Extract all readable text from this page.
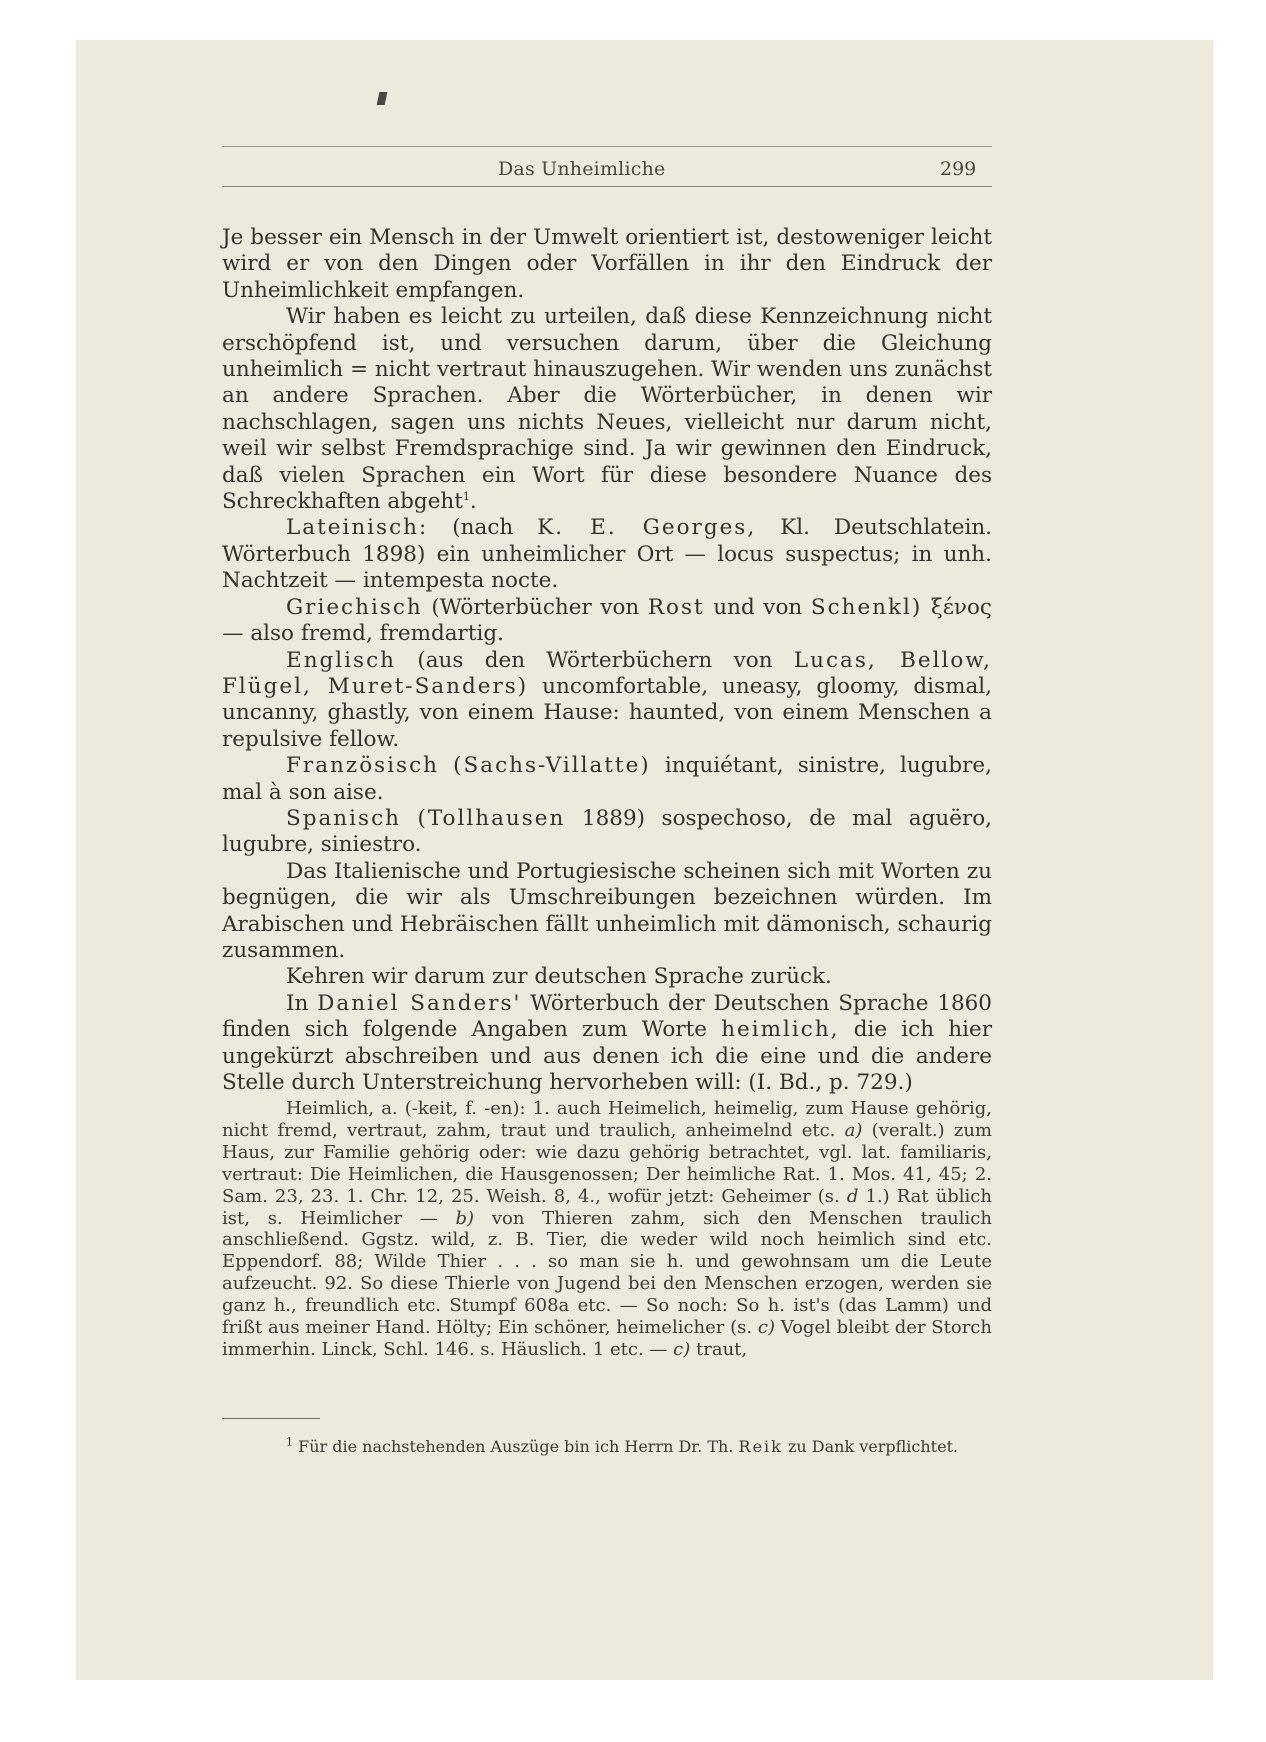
Das Unheimliche	299

Je besser ein Mensch in der Umwelt orientiert ist, destoweniger leicht wird er von den Dingen oder Vorfällen in ihr den Eindruck der Unheimlichkeit empfangen.

Wir haben es leicht zu urteilen, daß diese Kennzeichnung nicht erschöpfend ist, und versuchen darum, über die Gleichung unheimlich = nicht vertraut hinauszugehen. Wir wenden uns zunächst an andere Sprachen. Aber die Wörterbücher, in denen wir nachschlagen, sagen uns nichts Neues, vielleicht nur darum nicht, weil wir selbst Fremdsprachige sind. Ja wir gewinnen den Eindruck, daß vielen Sprachen ein Wort für diese besondere Nuance des Schreckhaften abgeht$^1$.

Lateinisch: (nach K. E. Georges, Kl. Deutschlatein. Wörterbuch 1898) ein unheimlicher Ort — locus suspectus; in unh. Nachtzeit — intempesta nocte.

Griechisch (Wörterbücher von Rost und von Schenkl) ξένος — also fremd, fremdartig.

Englisch (aus den Wörterbüchern von Lucas, Bellow, Flügel, Muret-Sanders) uncomfortable, uneasy, gloomy, dismal, uncanny, ghastly, von einem Hause: haunted, von einem Menschen a repulsive fellow.

Französisch (Sachs-Villatte) inquiétant, sinistre, lugubre, mal à son aise.

Spanisch (Tollhausen 1889) sospechoso, de mal aguëro, lugubre, siniestro.

Das Italienische und Portugiesische scheinen sich mit Worten zu begnügen, die wir als Umschreibungen bezeichnen würden. Im Arabischen und Hebräischen fällt unheimlich mit dämonisch, schaurig zusammen.

Kehren wir darum zur deutschen Sprache zurück.

In Daniel Sanders' Wörterbuch der Deutschen Sprache 1860 finden sich folgende Angaben zum Worte heimlich, die ich hier ungekürzt abschreiben und aus denen ich die eine und die andere Stelle durch Unterstreichung hervorheben will: (I. Bd., p. 729.)

Heimlich, a. (-keit, f. -en): 1. auch Heimelich, heimelig, zum Hause gehörig, nicht fremd, vertraut, zahm, traut und traulich, anheimelnd etc. a) (veralt.) zum Haus, zur Familie gehörig oder: wie dazu gehörig betrachtet, vgl. lat. familiaris, vertraut: Die Heimlichen, die Hausgenossen; Der heimliche Rat. 1. Mos. 41, 45; 2. Sam. 23, 23. 1. Chr. 12, 25. Weish. 8, 4., wofür jetzt: Geheimer (s. d 1.) Rat üblich ist, s. Heimlicher — b) von Thieren zahm, sich den Menschen traulich anschließend. Ggstz. wild, z. B. Tier, die weder wild noch heimlich sind etc. Eppendorf. 88; Wilde Thier . . . so man sie h. und gewohnsam um die Leute aufzeucht. 92. So diese Thierle von Jugend bei den Menschen erzogen, werden sie ganz h., freundlich etc. Stumpf 608a etc. — So noch: So h. ist's (das Lamm) und frißt aus meiner Hand. Hölty; Ein schöner, heimelicher (s. c) Vogel bleibt der Storch immerhin. Linck, Schl. 146. s. Häuslich. 1 etc. — c) traut,

$^1$ Für die nachstehenden Auszüge bin ich Herrn Dr. Th. Reik zu Dank verpflichtet.
